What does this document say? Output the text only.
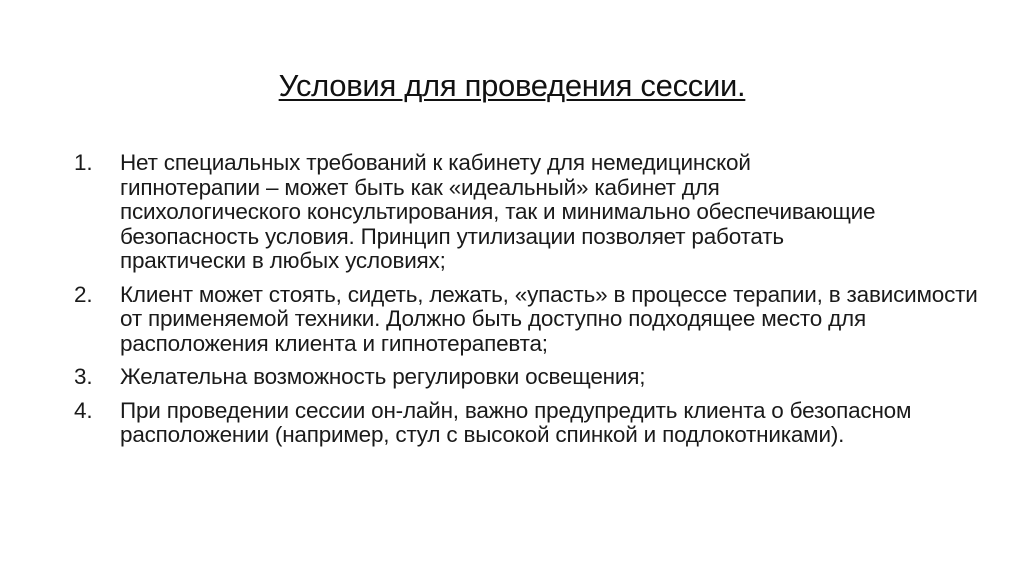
Условия для проведения сессии.
1.	Нет специальных требований к кабинету для немедицинской гипнотерапии – может быть как «идеальный» кабинет для психологического консультирования, так и минимально обеспечивающие безопасность условия. Принцип утилизации позволяет работать практически в любых условиях;
2.	Клиент может стоять, сидеть, лежать, «упасть» в процессе терапии, в зависимости от применяемой техники. Должно быть доступно подходящее место для расположения клиента и гипнотерапевта;
3.	Желательна возможность регулировки освещения;
4.	При проведении сессии он-лайн, важно предупредить клиента о безопасном расположении (например, стул с высокой спинкой и подлокотниками).
